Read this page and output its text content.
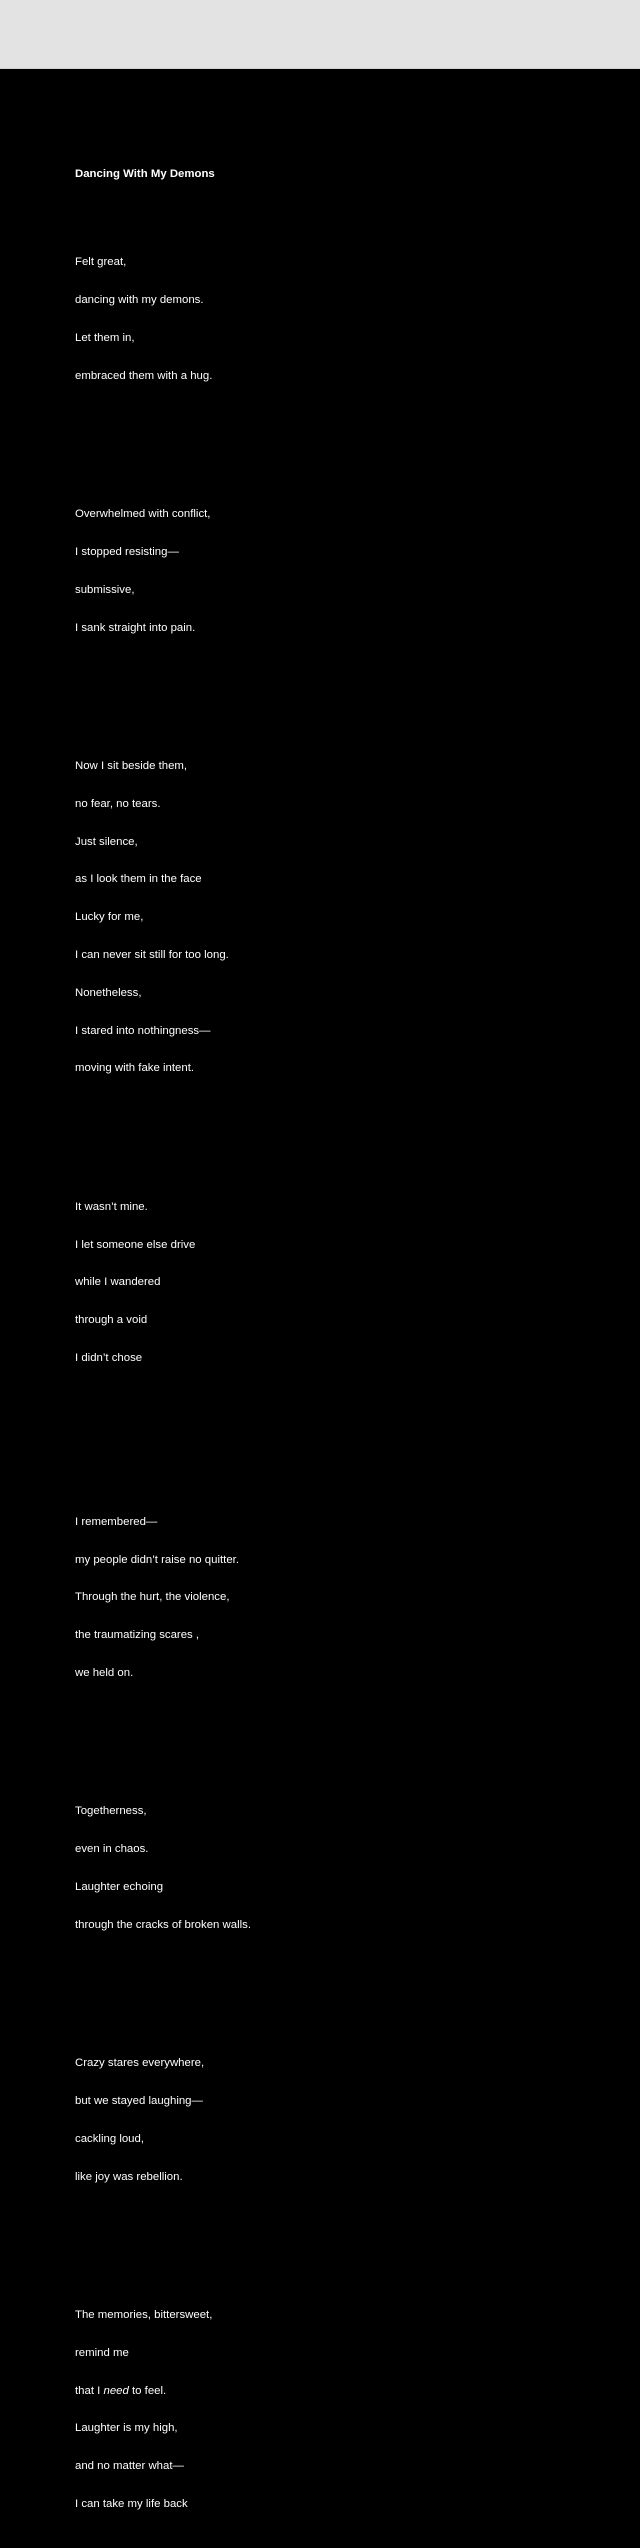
Dancing With My Demons

Felt great,

dancing with my demons.

Let them in,

embraced them with a hug.

Overwhelmed with conflict,

I stopped resisting—

submissive,

I sank straight into pain.

Now I sit beside them,

no fear, no tears.

Just silence,

as I look them in the face

Lucky for me,

I can never sit still for too long.

Nonetheless,

I stared into nothingness—

moving with fake intent.

It wasn’t mine.

I let someone else drive

while I wandered

through a void

I didn’t chose

I remembered—

my people didn’t raise no quitter.

Through the hurt, the violence,

the traumatizing scares ,

we held on.

Togetherness,

even in chaos.

Laughter echoing

through the cracks of broken walls.

Crazy stares everywhere,

but we stayed laughing—

cackling loud,

like joy was rebellion.

The memories, bittersweet,

remind me

that I need to feel.

Laughter is my high,

and no matter what—

I can take my life back
